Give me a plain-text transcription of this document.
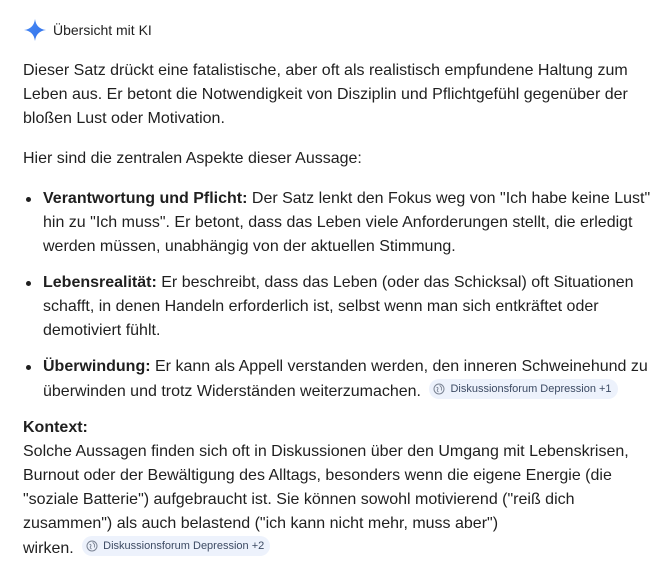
Übersicht mit KI

Dieser Satz drückt eine fatalistische, aber oft als realistisch empfundene Haltung zum Leben aus. Er betont die Notwendigkeit von Disziplin und Pflichtgefühl gegenüber der bloßen Lust oder Motivation.

Hier sind die zentralen Aspekte dieser Aussage:

Verantwortung und Pflicht: Der Satz lenkt den Fokus weg von "Ich habe keine Lust" hin zu "Ich muss". Er betont, dass das Leben viele Anforderungen stellt, die erledigt werden müssen, unabhängig von der aktuellen Stimmung.
Lebensrealität: Er beschreibt, dass das Leben (oder das Schicksal) oft Situationen schafft, in denen Handeln erforderlich ist, selbst wenn man sich entkräftet oder demotiviert fühlt.
Überwindung: Er kann als Appell verstanden werden, den inneren Schweinehund zu überwinden und trotz Widerständen weiterzumachen.	Diskussionsforum Depression +1

Kontext:

Solche Aussagen finden sich oft in Diskussionen über den Umgang mit Lebenskrisen, Burnout oder der Bewältigung des Alltags, besonders wenn die eigene Energie (die "soziale Batterie") aufgebraucht ist. Sie können sowohl motivierend ("reiß dich zusammen") als auch belastend ("ich kann nicht mehr, muss aber")
wirken.	Diskussionsforum Depression +2
